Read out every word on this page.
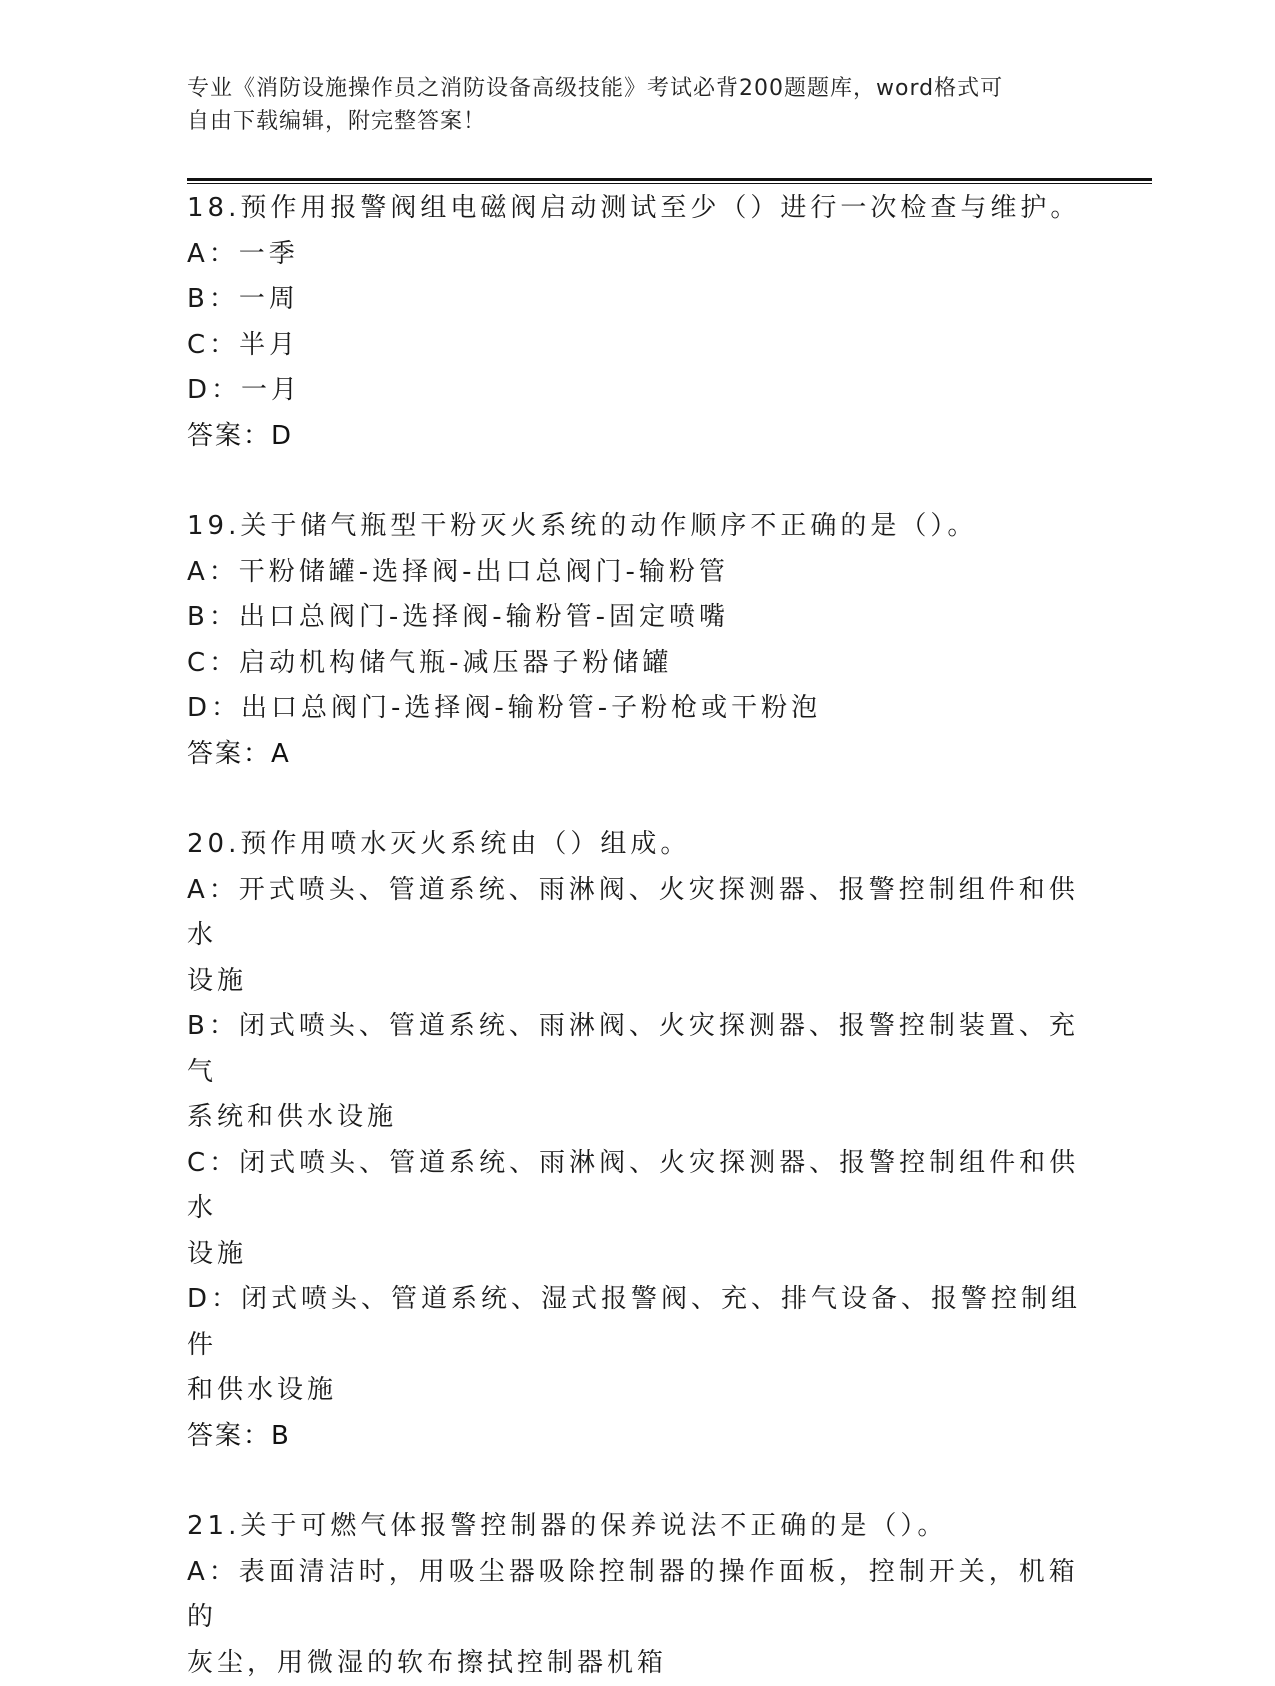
专业《消防设施操作员之消防设备高级技能》考试必背200题题库，word格式可
自由下载编辑，附完整答案！
18.预作用报警阀组电磁阀启动测试至少（）进行一次检查与维护。
A：一季
B：一周
C：半月
D：一月
答案：D
19.关于储气瓶型干粉灭火系统的动作顺序不正确的是（）。
A：干粉储罐-选择阀-出口总阀门-输粉管
B：出口总阀门-选择阀-输粉管-固定喷嘴
C：启动机构储气瓶-减压器子粉储罐
D：出口总阀门-选择阀-输粉管-子粉枪或干粉泡
答案：A
20.预作用喷水灭火系统由（）组成。
A：开式喷头、管道系统、雨淋阀、火灾探测器、报警控制组件和供水
设施
B：闭式喷头、管道系统、雨淋阀、火灾探测器、报警控制装置、充气
系统和供水设施
C：闭式喷头、管道系统、雨淋阀、火灾探测器、报警控制组件和供水
设施
D：闭式喷头、管道系统、湿式报警阀、充、排气设备、报警控制组件
和供水设施
答案：B
21.关于可燃气体报警控制器的保养说法不正确的是（）。
A：表面清洁时，用吸尘器吸除控制器的操作面板，控制开关，机箱的
灰尘，用微湿的软布擦拭控制器机箱
